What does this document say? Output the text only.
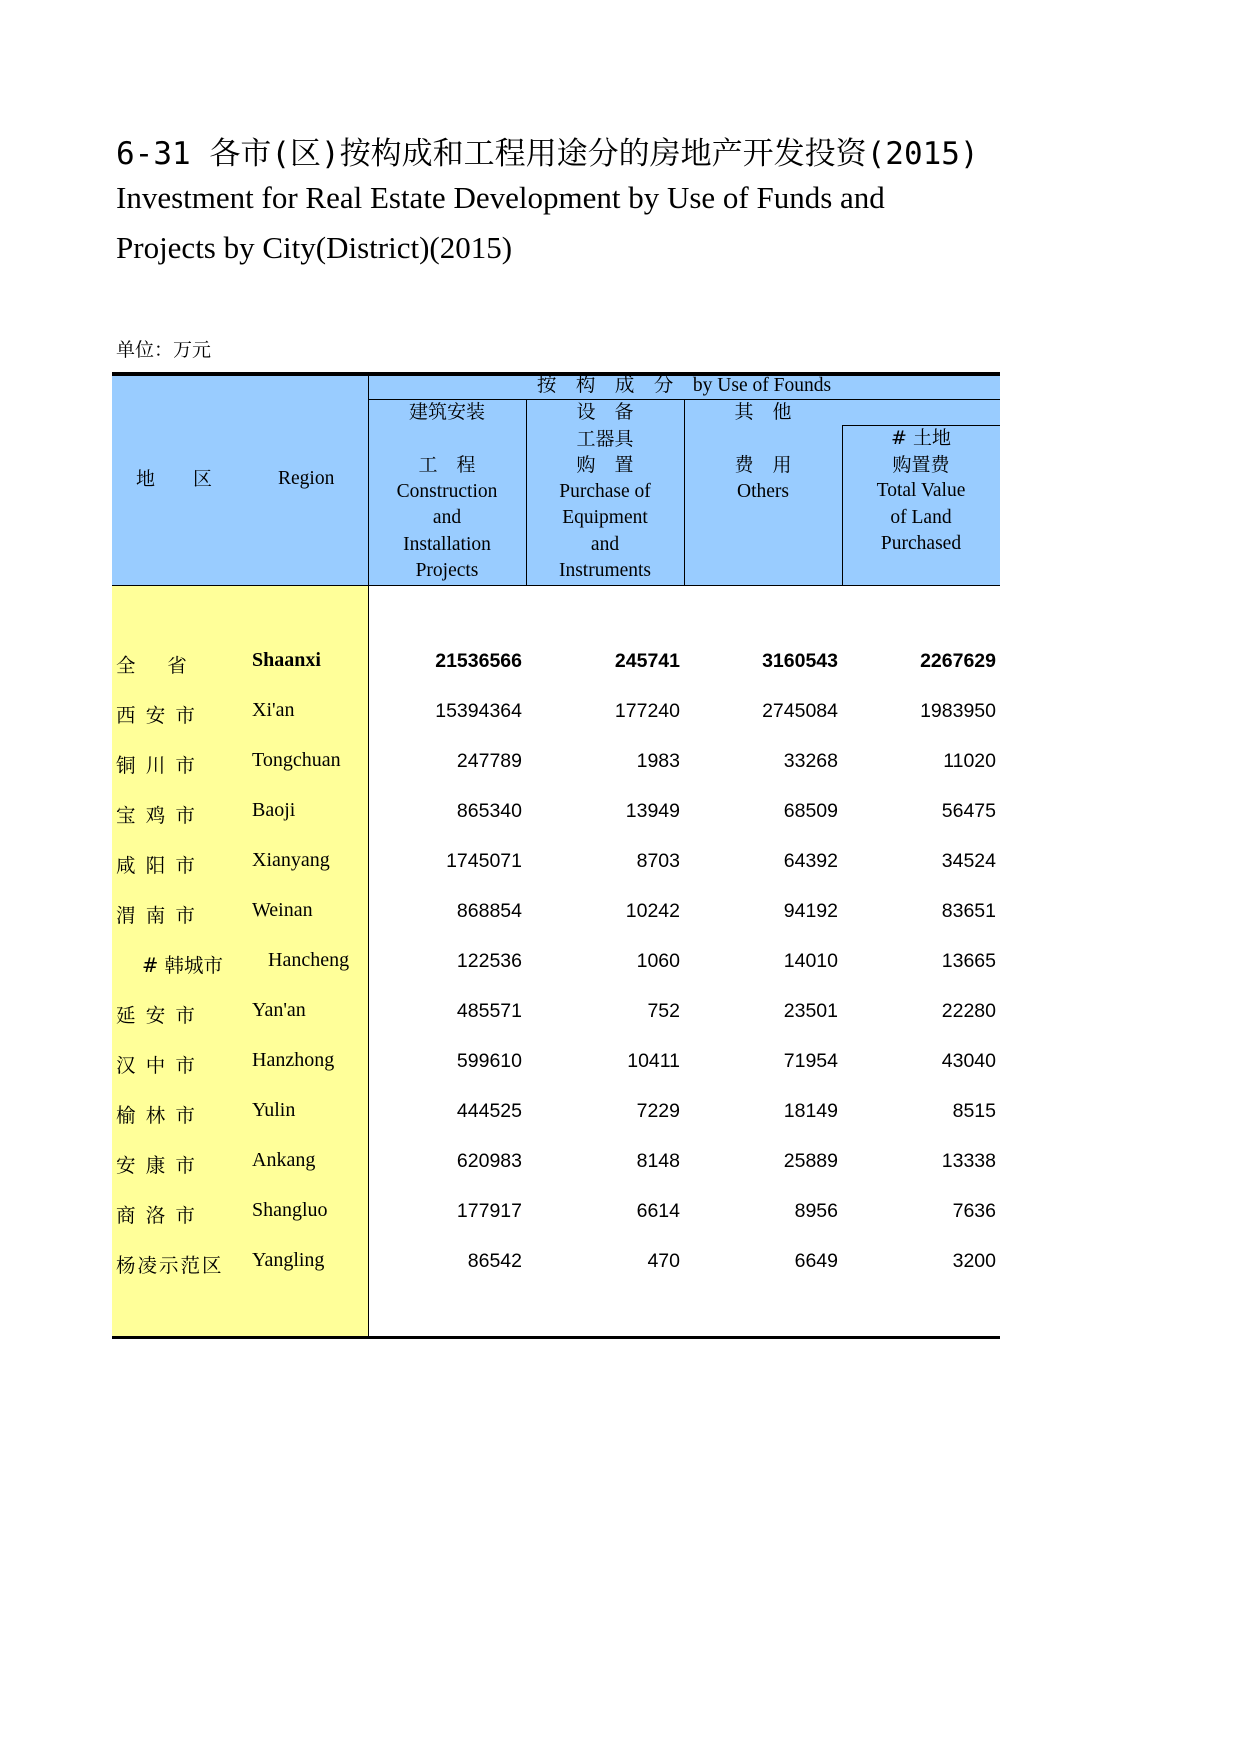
6-31 各市(区)按构成和工程用途分的房地产开发投资(2015)
Investment for Real Estate Development by Use of Funds and
Projects by City(District)(2015)
单位：万元
地　　区	Region
按　构　成　分　by Use of Founds
建筑安装

工　程
Construction
and
Installation
Projects
设　备
工器具
购　置
Purchase of
Equipment
and
Instruments
其　他

费　用
Others
# 土地
购置费
Total Value
of Land
Purchased
全　 省	Shaanxi	21536566	245741	3160543	2267629
西 安 市	Xi'an	15394364	177240	2745084	1983950
铜 川 市	Tongchuan	247789	1983	33268	11020
宝 鸡 市	Baoji	865340	13949	68509	56475
咸 阳 市	Xianyang	1745071	8703	64392	34524
渭 南 市	Weinan	868854	10242	94192	83651
# 韩城市 Hancheng	122536	1060	14010	13665
延 安 市	Yan'an	485571	752	23501	22280
汉 中 市	Hanzhong	599610	10411	71954	43040
榆 林 市	Yulin	444525	7229	18149	8515
安 康 市	Ankang	620983	8148	25889	13338
商 洛 市	Shangluo	177917	6614	8956	7636
杨凌示范区 Yangling	86542	470	6649	3200
